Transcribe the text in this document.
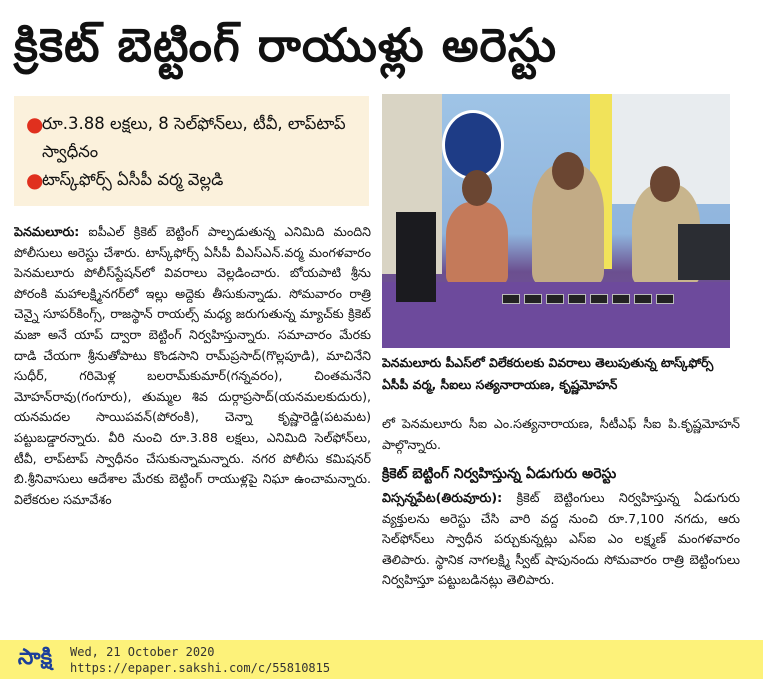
క్రికెట్ బెట్టింగ్ రాయుళ్లు అరెస్టు
●
రూ.3.88 లక్షలు, 8 సెల్‌ఫోన్‌లు, టీవీ, లాప్‌టాప్ స్వాధీనం
●
టాస్క్‌ఫోర్స్ ఏసీపీ వర్మ వెల్లడి
పెనమలూరు: ఐపీఎల్ క్రికెట్ బెట్టింగ్ పాల్పడుతున్న ఎనిమిది మందిని పోలీసులు అరెస్టు చేశారు. టాస్క్‌ఫోర్స్ ఏసీపీ వీఎస్ఎన్.వర్మ మంగళవారం పెనమలూరు పోలీస్‌స్టేషన్‌లో వివరాలు వెల్లడించారు. బోయపాటి శ్రీను పోరంకి మహాలక్ష్మినగర్‌లో ఇల్లు అద్దెకు తీసుకున్నాడు. సోమవారం రాత్రి చెన్నై సూపర్‌కింగ్స్, రాజస్థాన్ రాయల్స్ మధ్య జరుగుతున్న మ్యాచ్‌కు క్రికెట్ మజా అనే యాప్ ద్వారా బెట్టింగ్ నిర్వహిస్తున్నారు. సమాచారం మేరకు దాడి చేయగా శ్రీనుతోపాటు కొండసాని రామ్‌ప్రసాద్(గొల్లపూడి), మాచినేని సుధీర్, గరిమెళ్ల బలరామ్‌కుమార్(గన్నవరం), చింతమనేని మోహన్‌రావు(గంగూరు), తుమ్మల శివ దుర్గాప్రసాద్(యనమలకుదురు), యనమదల సాయిపవన్(పోరంకి), చెన్నా కృష్ణారెడ్డి(పటమట) పట్టుబడ్డారన్నారు. వీరి నుంచి రూ.3.88 లక్షలు, ఎనిమిది సెల్‌ఫోన్‌లు, టీవీ, లాప్‌టాప్ స్వాధీనం చేసుకున్నామన్నారు. నగర పోలీసు కమిషనర్ బి.శ్రీనివాసులు ఆదేశాల మేరకు బెట్టింగ్ రాయుళ్లపై నిఘా ఉంచామన్నారు. విలేకరుల సమావేశం
పెనమలూరు పీఎస్‌లో విలేకరులకు వివరాలు తెలుపుతున్న టాస్క్‌ఫోర్స్ ఏసీపీ వర్మ, సీఐలు సత్యనారాయణ, కృష్ణమోహన్
లో పెనమలూరు సీఐ ఎం.సత్యనారాయణ, సీటీఎఫ్ సీఐ పి.కృష్ణమోహన్ పాల్గొన్నారు.
క్రికెట్ బెట్టింగ్ నిర్వహిస్తున్న ఏడుగురు అరెస్టు
విస్సన్నపేట(తిరువూరు): క్రికెట్ బెట్టింగులు నిర్వహిస్తున్న ఏడుగురు వ్యక్తులను అరెస్టు చేసి వారి వద్ద నుంచి రూ.7,100 నగదు, ఆరు సెల్‌ఫోన్‌లు స్వాధీన పర్చుకున్నట్లు ఎస్ఐ ఎం లక్ష్మణ్ మంగళవారం తెలిపారు. స్థానిక నాగలక్ష్మి స్వీట్ షాపునందు సోమవారం రాత్రి బెట్టింగులు నిర్వహిస్తూ పట్టుబడినట్లు తెలిపారు.
సాక్షి	Wed, 21 October 2020
https://epaper.sakshi.com/c/55810815
